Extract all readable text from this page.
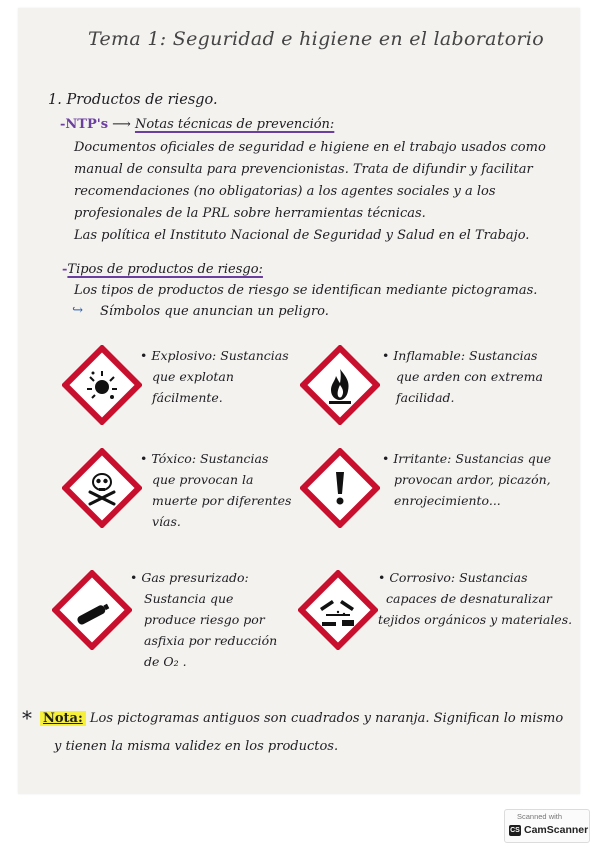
Tema 1: Seguridad e higiene en el laboratorio
1. Productos de riesgo.
-NTP's ⟶ Notas técnicas de prevención:
Documentos oficiales de seguridad e higiene en el trabajo usados como
manual de consulta para prevencionistas. Trata de difundir y facilitar
recomendaciones (no obligatorias) a los agentes sociales y a los
profesionales de la PRL sobre herramientas técnicas.
Las política el Instituto Nacional de Seguridad y Salud en el Trabajo.
-Tipos de productos de riesgo:
Los tipos de productos de riesgo se identifican mediante pictogramas.
↪ Símbolos que anuncian un peligro.
• Explosivo: Sustancias
que explotan
fácilmente.
• Inflamable: Sustancias
que arden con extrema
facilidad.
• Tóxico: Sustancias
que provocan la
muerte por diferentes
vías.
• Irritante: Sustancias que
provocan ardor, picazón,
enrojecimiento...
• Gas presurizado:
Sustancia que
produce riesgo por
asfixia por reducción
de O₂ .
• Corrosivo: Sustancias
capaces de desnaturalizar
tejidos orgánicos y materiales.
* Nota: Los pictogramas antiguos son cuadrados y naranja. Significan lo mismo
y tienen la misma validez en los productos.
Scanned with
CS CamScanner
